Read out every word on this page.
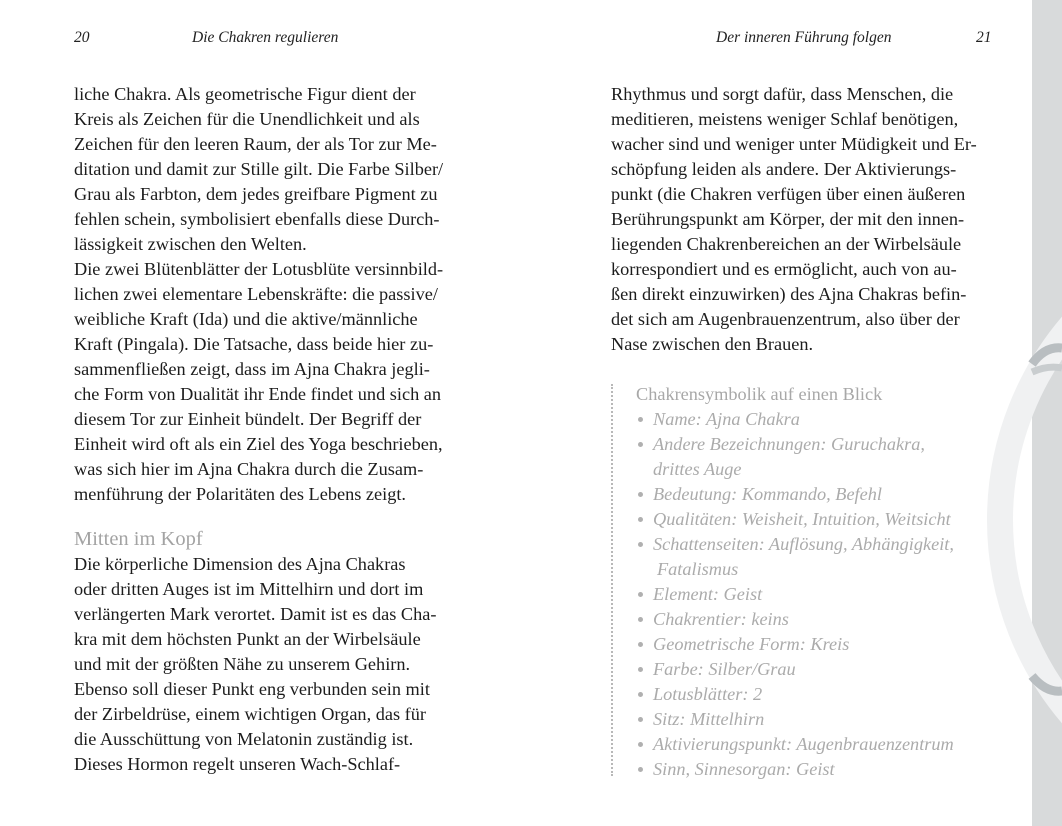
20	Die Chakren regulieren	Der inneren Führung folgen	21
liche Chakra. Als geometrische Figur dient der
Kreis als Zeichen für die Unendlichkeit und als
Zeichen für den leeren Raum, der als Tor zur Me-
ditation und damit zur Stille gilt. Die Farbe Silber/
Grau als Farbton, dem jedes greifbare Pigment zu
fehlen schein, symbolisiert ebenfalls diese Durch-
lässigkeit zwischen den Welten.
Die zwei Blütenblätter der Lotusblüte versinnbild-
lichen zwei elementare Lebenskräfte: die passive/
weibliche Kraft (Ida) und die aktive/männliche
Kraft (Pingala). Die Tatsache, dass beide hier zu-
sammenfließen zeigt, dass im Ajna Chakra jegli-
che Form von Dualität ihr Ende findet und sich an
diesem Tor zur Einheit bündelt. Der Begriff der
Einheit wird oft als ein Ziel des Yoga beschrieben,
was sich hier im Ajna Chakra durch die Zusam-
menführung der Polaritäten des Lebens zeigt.
Mitten im Kopf
Die körperliche Dimension des Ajna Chakras
oder dritten Auges ist im Mittelhirn und dort im
verlängerten Mark verortet. Damit ist es das Cha-
kra mit dem höchsten Punkt an der Wirbelsäule
und mit der größten Nähe zu unserem Gehirn.
Ebenso soll dieser Punkt eng verbunden sein mit
der Zirbeldrüse, einem wichtigen Organ, das für
die Ausschüttung von Melatonin zuständig ist.
Dieses Hormon regelt unseren Wach-Schlaf-
Rhythmus und sorgt dafür, dass Menschen, die
meditieren, meistens weniger Schlaf benötigen,
wacher sind und weniger unter Müdigkeit und Er-
schöpfung leiden als andere. Der Aktivierungs-
punkt (die Chakren verfügen über einen äußeren
Berührungspunkt am Körper, der mit den innen-
liegenden Chakrenbereichen an der Wirbelsäule
korrespondiert und es ermöglicht, auch von au-
ßen direkt einzuwirken) des Ajna Chakras befin-
det sich am Augenbrauenzentrum, also über der
Nase zwischen den Brauen.
Chakrensymbolik auf einen Blick
Name: Ajna Chakra
Andere Bezeichnungen: Guruchakra,
drittes Auge
Bedeutung: Kommando, Befehl
Qualitäten: Weisheit, Intuition, Weitsicht
Schattenseiten: Auflösung, Abhängigkeit,
Fatalismus
Element: Geist
Chakrentier: keins
Geometrische Form: Kreis
Farbe: Silber/Grau
Lotusblätter: 2
Sitz: Mittelhirn
Aktivierungspunkt: Augenbrauenzentrum
Sinn, Sinnesorgan: Geist
